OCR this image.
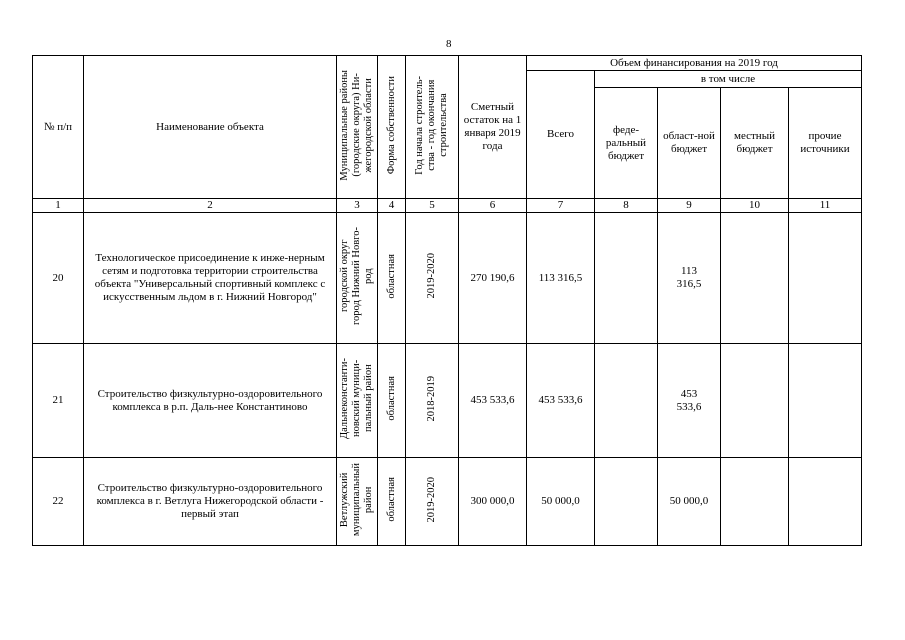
8
№ п/п	Наименование объекта	Муниципальные районы
(городские округа) Ни-
жегородской области	Форма собственности	Год начала строитель-
ства - год окончания
строительства	Сметный остаток на 1 января 2019 года	Объем финансирования на 2019 год				
						Всего	в том числе			
							феде-ральный бюджет	област-ной бюджет	местный бюджет	прочие источники
1	2	3	4	5	6	7	8	9	10	11
20	Технологическое присоединение к инже-нерным сетям и подготовка территории строительства объекта "Универсальный спортивный комплекс с искусственным льдом в г. Нижний Новгород"	городской округ
город Нижний Новго-
род	областная	2019-2020	270 190,6	113 316,5		113
316,5		
21	Строительство физкультурно-оздоровительного комплекса в р.п. Даль-нее Константиново	Дальнеконстанти-
новский муници-
пальный район	областная	2018-2019	453 533,6	453 533,6		453
533,6		
22	Строительство физкультурно-оздоровительного комплекса в г. Ветлуга Нижегородской области - первый этап	Ветлужский
муниципальный
район	областная	2019-2020	300 000,0	50 000,0		50 000,0		
